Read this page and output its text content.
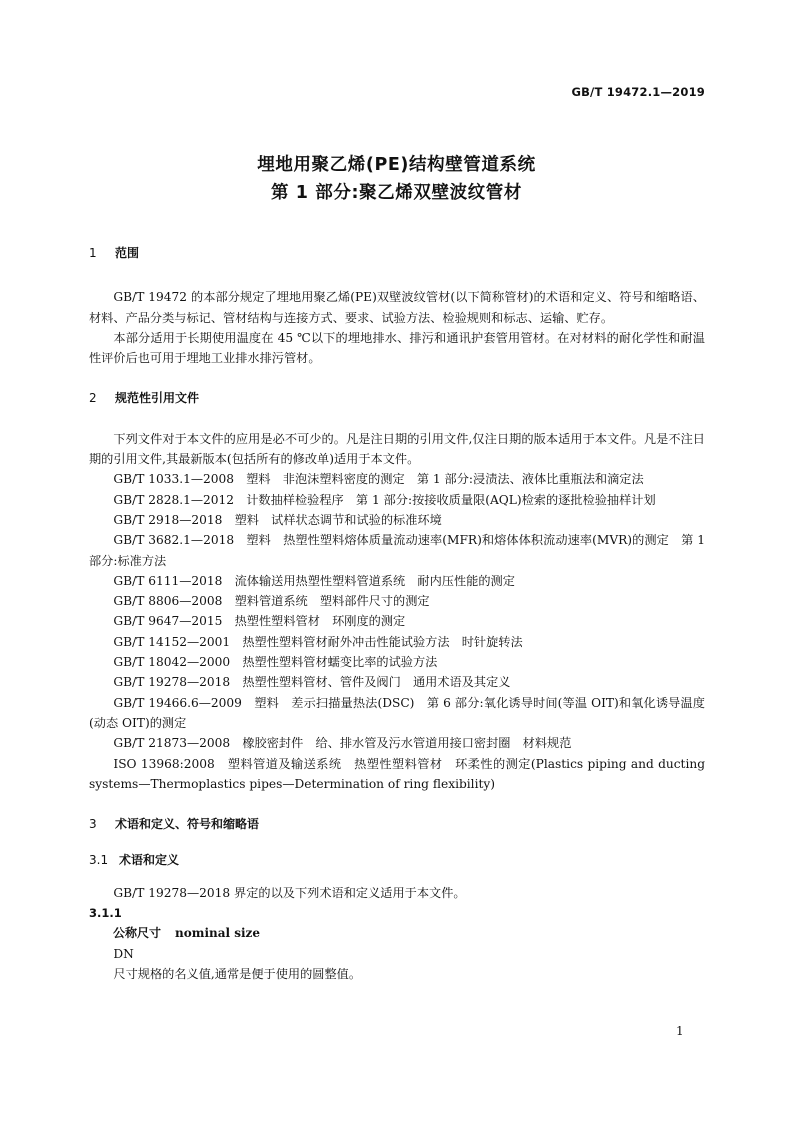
GB/T 19472.1—2019
埋地用聚乙烯(PE)结构壁管道系统
第 1 部分:聚乙烯双壁波纹管材
1 范围
GB/T 19472 的本部分规定了埋地用聚乙烯(PE)双壁波纹管材(以下简称管材)的术语和定义、符号和缩略语、材料、产品分类与标记、管材结构与连接方式、要求、试验方法、检验规则和标志、运输、贮存。
本部分适用于长期使用温度在 45 ℃以下的埋地排水、排污和通讯护套管用管材。在对材料的耐化学性和耐温性评价后也可用于埋地工业排水排污管材。
2 规范性引用文件
下列文件对于本文件的应用是必不可少的。凡是注日期的引用文件,仅注日期的版本适用于本文件。凡是不注日期的引用文件,其最新版本(包括所有的修改单)适用于本文件。
GB/T 1033.1—2008　塑料　非泡沫塑料密度的测定　第 1 部分:浸渍法、液体比重瓶法和滴定法
GB/T 2828.1—2012　计数抽样检验程序　第 1 部分:按接收质量限(AQL)检索的逐批检验抽样计划
GB/T 2918—2018　塑料　试样状态调节和试验的标准环境
GB/T 3682.1—2018　塑料　热塑性塑料熔体质量流动速率(MFR)和熔体体积流动速率(MVR)的测定　第 1 部分:标准方法
GB/T 6111—2018　流体输送用热塑性塑料管道系统　耐内压性能的测定
GB/T 8806—2008　塑料管道系统　塑料部件尺寸的测定
GB/T 9647—2015　热塑性塑料管材　环刚度的测定
GB/T 14152—2001　热塑性塑料管材耐外冲击性能试验方法　时针旋转法
GB/T 18042—2000　热塑性塑料管材蠕变比率的试验方法
GB/T 19278—2018　热塑性塑料管材、管件及阀门　通用术语及其定义
GB/T 19466.6—2009　塑料　差示扫描量热法(DSC)　第 6 部分:氧化诱导时间(等温 OIT)和氧化诱导温度(动态 OIT)的测定
GB/T 21873—2008　橡胶密封件　给、排水管及污水管道用接口密封圈　材料规范
ISO 13968:2008　塑料管道及输送系统　热塑性塑料管材　环柔性的测定(Plastics piping and ducting systems—Thermoplastics pipes—Determination of ring flexibility)
3 术语和定义、符号和缩略语
3.1 术语和定义
GB/T 19278—2018 界定的以及下列术语和定义适用于本文件。
3.1.1
公称尺寸 nominal size
DN
尺寸规格的名义值,通常是便于使用的圆整值。
1
